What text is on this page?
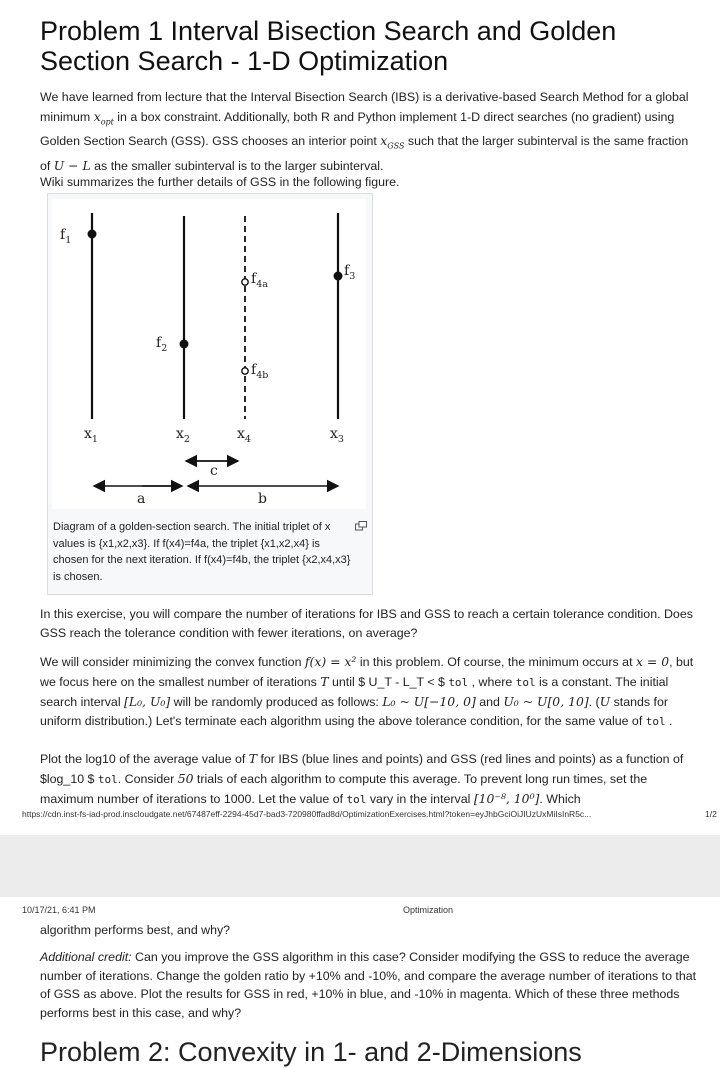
Problem 1 Interval Bisection Search and Golden Section Search - 1-D Optimization
We have learned from lecture that the Interval Bisection Search (IBS) is a derivative-based Search Method for a global minimum $x_{opt}$ in a box constraint. Additionally, both R and Python implement 1-D direct searches (no gradient) using Golden Section Search (GSS). GSS chooses an interior point $x_{GSS}$ such that the larger subinterval is the same fraction of U − L as the smaller subinterval is to the larger subinterval.
Wiki summarizes the further details of GSS in the following figure.
$f_1$
$f_2$
$f_3$
$f_{4a}$
$f_{4b}$
$x_1$	$x_2$	$x_4$	$x_3$
c
a	b
Diagram of a golden-section search. The initial triplet of x values is {x1,x2,x3}. If f(x4)=f4a, the triplet {x1,x2,x4} is chosen for the next iteration. If f(x4)=f4b, the triplet {x2,x4,x3} is chosen.
In this exercise, you will compare the number of iterations for IBS and GSS to reach a certain tolerance condition. Does GSS reach the tolerance condition with fewer iterations, on average?
We will consider minimizing the convex function f(x) = x² in this problem. Of course, the minimum occurs at x = 0, but we focus here on the smallest number of iterations T until $ U_T - L_T < $ tol , where tol is a constant. The initial search interval [L₀, U₀] will be randomly produced as follows: L₀ ~ U[−10, 0] and U₀ ~ U[0, 10]. (U stands for uniform distribution.) Let's terminate each algorithm using the above tolerance condition, for the same value of tol .
Plot the log10 of the average value of T for IBS (blue lines and points) and GSS (red lines and points) as a function of $log_10 $ tol. Consider 50 trials of each algorithm to compute this average. To prevent long run times, set the maximum number of iterations to 1000. Let the value of tol vary in the interval [10⁻⁸, 10⁰]. Which
https://cdn.inst-fs-iad-prod.inscloudgate.net/67487eff-2294-45d7-bad3-720980ffad8d/OptimizationExercises.html?token=eyJhbGciOiJIUzUxMiIsInR5c...	1/2
10/17/21, 6:41 PM	Optimization
algorithm performs best, and why?
Additional credit: Can you improve the GSS algorithm in this case? Consider modifying the GSS to reduce the average number of iterations. Change the golden ratio by +10% and -10%, and compare the average number of iterations to that of GSS as above. Plot the results for GSS in red, +10% in blue, and -10% in magenta. Which of these three methods performs best in this case, and why?
Problem 2: Convexity in 1- and 2-Dimensions
